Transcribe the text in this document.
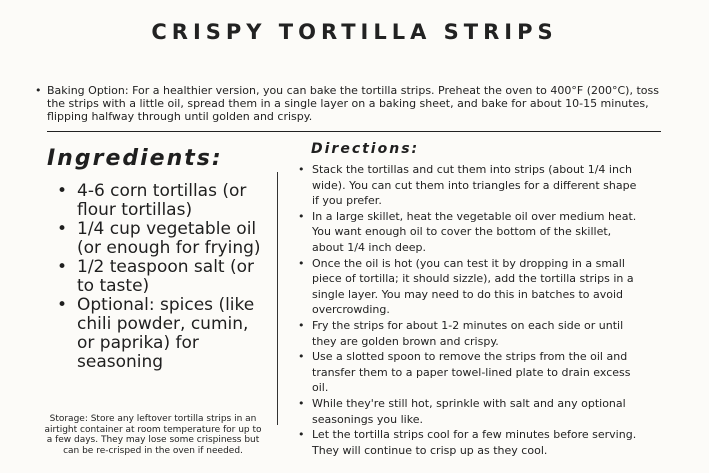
CRISPY TORTILLA STRIPS
• Baking Option: For a healthier version, you can bake the tortilla strips. Preheat the oven to 400°F (200°C), toss the strips with a little oil, spread them in a single layer on a baking sheet, and bake for about 10-15 minutes, flipping halfway through until golden and crispy.
Ingredients:
• 4-6 corn tortillas (or flour tortillas)
• 1/4 cup vegetable oil (or enough for frying)
• 1/2 teaspoon salt (or to taste)
• Optional: spices (like chili powder, cumin, or paprika) for seasoning
Storage: Store any leftover tortilla strips in an airtight container at room temperature for up to a few days. They may lose some crispiness but can be re-crisped in the oven if needed.
Directions:
• Stack the tortillas and cut them into strips (about 1/4 inch wide). You can cut them into triangles for a different shape if you prefer.
• In a large skillet, heat the vegetable oil over medium heat. You want enough oil to cover the bottom of the skillet, about 1/4 inch deep.
• Once the oil is hot (you can test it by dropping in a small piece of tortilla; it should sizzle), add the tortilla strips in a single layer. You may need to do this in batches to avoid overcrowding.
• Fry the strips for about 1-2 minutes on each side or until they are golden brown and crispy.
• Use a slotted spoon to remove the strips from the oil and transfer them to a paper towel-lined plate to drain excess oil.
• While they're still hot, sprinkle with salt and any optional seasonings you like.
• Let the tortilla strips cool for a few minutes before serving. They will continue to crisp up as they cool.
